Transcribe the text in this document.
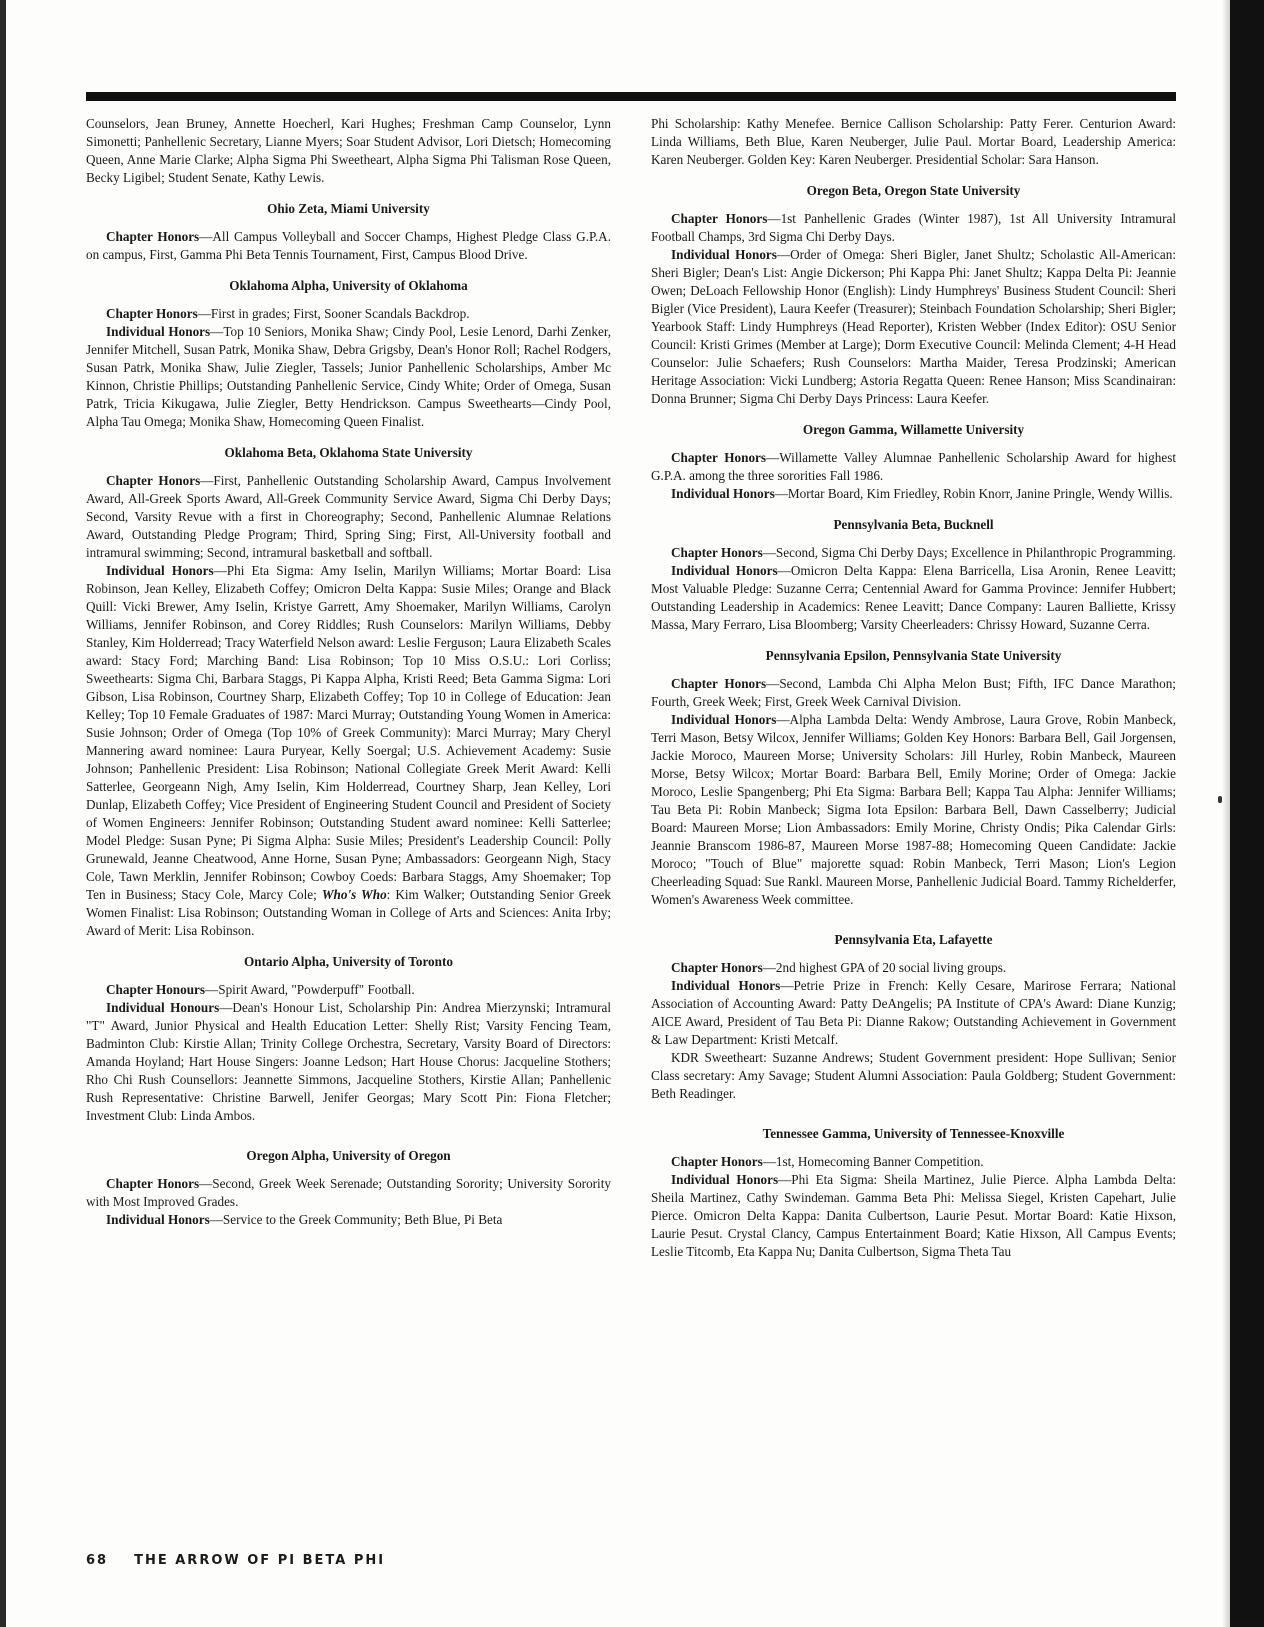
Counselors, Jean Bruney, Annette Hoecherl, Kari Hughes; Freshman Camp Counselor, Lynn Simonetti; Panhellenic Secretary, Lianne Myers; Soar Student Advisor, Lori Dietsch; Homecoming Queen, Anne Marie Clarke; Alpha Sigma Phi Sweetheart, Alpha Sigma Phi Talisman Rose Queen, Becky Ligibel; Student Senate, Kathy Lewis.

Ohio Zeta, Miami University

Chapter Honors—All Campus Volleyball and Soccer Champs, Highest Pledge Class G.P.A. on campus, First, Gamma Phi Beta Tennis Tournament, First, Campus Blood Drive.

Oklahoma Alpha, University of Oklahoma

Chapter Honors—First in grades; First, Sooner Scandals Backdrop.

Individual Honors—Top 10 Seniors, Monika Shaw; Cindy Pool, Lesie Lenord, Darhi Zenker, Jennifer Mitchell, Susan Patrk, Monika Shaw, Debra Grigsby, Dean's Honor Roll; Rachel Rodgers, Susan Patrk, Monika Shaw, Julie Ziegler, Tassels; Junior Panhellenic Scholarships, Amber Mc Kinnon, Christie Phillips; Outstanding Panhellenic Service, Cindy White; Order of Omega, Susan Patrk, Tricia Kikugawa, Julie Ziegler, Betty Hendrickson. Campus Sweethearts—Cindy Pool, Alpha Tau Omega; Monika Shaw, Homecoming Queen Finalist.

Oklahoma Beta, Oklahoma State University

Chapter Honors—First, Panhellenic Outstanding Scholarship Award, Campus Involvement Award, All-Greek Sports Award, All-Greek Community Service Award, Sigma Chi Derby Days; Second, Varsity Revue with a first in Choreography; Second, Panhellenic Alumnae Relations Award, Outstanding Pledge Program; Third, Spring Sing; First, All-University football and intramural swimming; Second, intramural basketball and softball.

Individual Honors—Phi Eta Sigma: Amy Iselin, Marilyn Williams; Mortar Board: Lisa Robinson, Jean Kelley, Elizabeth Coffey; Omicron Delta Kappa: Susie Miles; Orange and Black Quill: Vicki Brewer, Amy Iselin, Kristye Garrett, Amy Shoemaker, Marilyn Williams, Carolyn Williams, Jennifer Robinson, and Corey Riddles; Rush Counselors: Marilyn Williams, Debby Stanley, Kim Holderread; Tracy Waterfield Nelson award: Leslie Ferguson; Laura Elizabeth Scales award: Stacy Ford; Marching Band: Lisa Robinson; Top 10 Miss O.S.U.: Lori Corliss; Sweethearts: Sigma Chi, Barbara Staggs, Pi Kappa Alpha, Kristi Reed; Beta Gamma Sigma: Lori Gibson, Lisa Robinson, Courtney Sharp, Elizabeth Coffey; Top 10 in College of Education: Jean Kelley; Top 10 Female Graduates of 1987: Marci Murray; Outstanding Young Women in America: Susie Johnson; Order of Omega (Top 10% of Greek Community): Marci Murray; Mary Cheryl Mannering award nominee: Laura Puryear, Kelly Soergal; U.S. Achievement Academy: Susie Johnson; Panhellenic President: Lisa Robinson; National Collegiate Greek Merit Award: Kelli Satterlee, Georgeann Nigh, Amy Iselin, Kim Holderread, Courtney Sharp, Jean Kelley, Lori Dunlap, Elizabeth Coffey; Vice President of Engineering Student Council and President of Society of Women Engineers: Jennifer Robinson; Outstanding Student award nominee: Kelli Satterlee; Model Pledge: Susan Pyne; Pi Sigma Alpha: Susie Miles; President's Leadership Council: Polly Grunewald, Jeanne Cheatwood, Anne Horne, Susan Pyne; Ambassadors: Georgeann Nigh, Stacy Cole, Tawn Merklin, Jennifer Robinson; Cowboy Coeds: Barbara Staggs, Amy Shoemaker; Top Ten in Business; Stacy Cole, Marcy Cole; Who's Who: Kim Walker; Outstanding Senior Greek Women Finalist: Lisa Robinson; Outstanding Woman in College of Arts and Sciences: Anita Irby; Award of Merit: Lisa Robinson.

Ontario Alpha, University of Toronto

Chapter Honours—Spirit Award, "Powderpuff" Football.

Individual Honours—Dean's Honour List, Scholarship Pin: Andrea Mierzynski; Intramural "T" Award, Junior Physical and Health Education Letter: Shelly Rist; Varsity Fencing Team, Badminton Club: Kirstie Allan; Trinity College Orchestra, Secretary, Varsity Board of Directors: Amanda Hoyland; Hart House Singers: Joanne Ledson; Hart House Chorus: Jacqueline Stothers; Rho Chi Rush Counsellors: Jeannette Simmons, Jacqueline Stothers, Kirstie Allan; Panhellenic Rush Representative: Christine Barwell, Jenifer Georgas; Mary Scott Pin: Fiona Fletcher; Investment Club: Linda Ambos.

Oregon Alpha, University of Oregon

Chapter Honors—Second, Greek Week Serenade; Outstanding Sorority; University Sorority with Most Improved Grades.

Individual Honors—Service to the Greek Community; Beth Blue, Pi Beta

Phi Scholarship: Kathy Menefee. Bernice Callison Scholarship: Patty Ferer. Centurion Award: Linda Williams, Beth Blue, Karen Neuberger, Julie Paul. Mortar Board, Leadership America: Karen Neuberger. Golden Key: Karen Neuberger. Presidential Scholar: Sara Hanson.

Oregon Beta, Oregon State University

Chapter Honors—1st Panhellenic Grades (Winter 1987), 1st All University Intramural Football Champs, 3rd Sigma Chi Derby Days.

Individual Honors—Order of Omega: Sheri Bigler, Janet Shultz; Scholastic All-American: Sheri Bigler; Dean's List: Angie Dickerson; Phi Kappa Phi: Janet Shultz; Kappa Delta Pi: Jeannie Owen; DeLoach Fellowship Honor (English): Lindy Humphreys' Business Student Council: Sheri Bigler (Vice President), Laura Keefer (Treasurer); Steinbach Foundation Scholarship; Sheri Bigler; Yearbook Staff: Lindy Humphreys (Head Reporter), Kristen Webber (Index Editor): OSU Senior Council: Kristi Grimes (Member at Large); Dorm Executive Council: Melinda Clement; 4-H Head Counselor: Julie Schaefers; Rush Counselors: Martha Maider, Teresa Prodzinski; American Heritage Association: Vicki Lundberg; Astoria Regatta Queen: Renee Hanson; Miss Scandinairan: Donna Brunner; Sigma Chi Derby Days Princess: Laura Keefer.

Oregon Gamma, Willamette University

Chapter Honors—Willamette Valley Alumnae Panhellenic Scholarship Award for highest G.P.A. among the three sororities Fall 1986.

Individual Honors—Mortar Board, Kim Friedley, Robin Knorr, Janine Pringle, Wendy Willis.

Pennsylvania Beta, Bucknell

Chapter Honors—Second, Sigma Chi Derby Days; Excellence in Philanthropic Programming.

Individual Honors—Omicron Delta Kappa: Elena Barricella, Lisa Aronin, Renee Leavitt; Most Valuable Pledge: Suzanne Cerra; Centennial Award for Gamma Province: Jennifer Hubbert; Outstanding Leadership in Academics: Renee Leavitt; Dance Company: Lauren Balliette, Krissy Massa, Mary Ferraro, Lisa Bloomberg; Varsity Cheerleaders: Chrissy Howard, Suzanne Cerra.

Pennsylvania Epsilon, Pennsylvania State University

Chapter Honors—Second, Lambda Chi Alpha Melon Bust; Fifth, IFC Dance Marathon; Fourth, Greek Week; First, Greek Week Carnival Division.

Individual Honors—Alpha Lambda Delta: Wendy Ambrose, Laura Grove, Robin Manbeck, Terri Mason, Betsy Wilcox, Jennifer Williams; Golden Key Honors: Barbara Bell, Gail Jorgensen, Jackie Moroco, Maureen Morse; University Scholars: Jill Hurley, Robin Manbeck, Maureen Morse, Betsy Wilcox; Mortar Board: Barbara Bell, Emily Morine; Order of Omega: Jackie Moroco, Leslie Spangenberg; Phi Eta Sigma: Barbara Bell; Kappa Tau Alpha: Jennifer Williams; Tau Beta Pi: Robin Manbeck; Sigma Iota Epsilon: Barbara Bell, Dawn Casselberry; Judicial Board: Maureen Morse; Lion Ambassadors: Emily Morine, Christy Ondis; Pika Calendar Girls: Jeannie Branscom 1986-87, Maureen Morse 1987-88; Homecoming Queen Candidate: Jackie Moroco; "Touch of Blue" majorette squad: Robin Manbeck, Terri Mason; Lion's Legion Cheerleading Squad: Sue Rankl. Maureen Morse, Panhellenic Judicial Board. Tammy Richelderfer, Women's Awareness Week committee.

Pennsylvania Eta, Lafayette

Chapter Honors—2nd highest GPA of 20 social living groups.

Individual Honors—Petrie Prize in French: Kelly Cesare, Marirose Ferrara; National Association of Accounting Award: Patty DeAngelis; PA Institute of CPA's Award: Diane Kunzig; AICE Award, President of Tau Beta Pi: Dianne Rakow; Outstanding Achievement in Government & Law Department: Kristi Metcalf.

KDR Sweetheart: Suzanne Andrews; Student Government president: Hope Sullivan; Senior Class secretary: Amy Savage; Student Alumni Association: Paula Goldberg; Student Government: Beth Readinger.

Tennessee Gamma, University of Tennessee-Knoxville

Chapter Honors—1st, Homecoming Banner Competition.

Individual Honors—Phi Eta Sigma: Sheila Martinez, Julie Pierce. Alpha Lambda Delta: Sheila Martinez, Cathy Swindeman. Gamma Beta Phi: Melissa Siegel, Kristen Capehart, Julie Pierce. Omicron Delta Kappa: Danita Culbertson, Laurie Pesut. Mortar Board: Katie Hixson, Laurie Pesut. Crystal Clancy, Campus Entertainment Board; Katie Hixson, All Campus Events; Leslie Titcomb, Eta Kappa Nu; Danita Culbertson, Sigma Theta Tau

68 THE ARROW OF PI BETA PHI
